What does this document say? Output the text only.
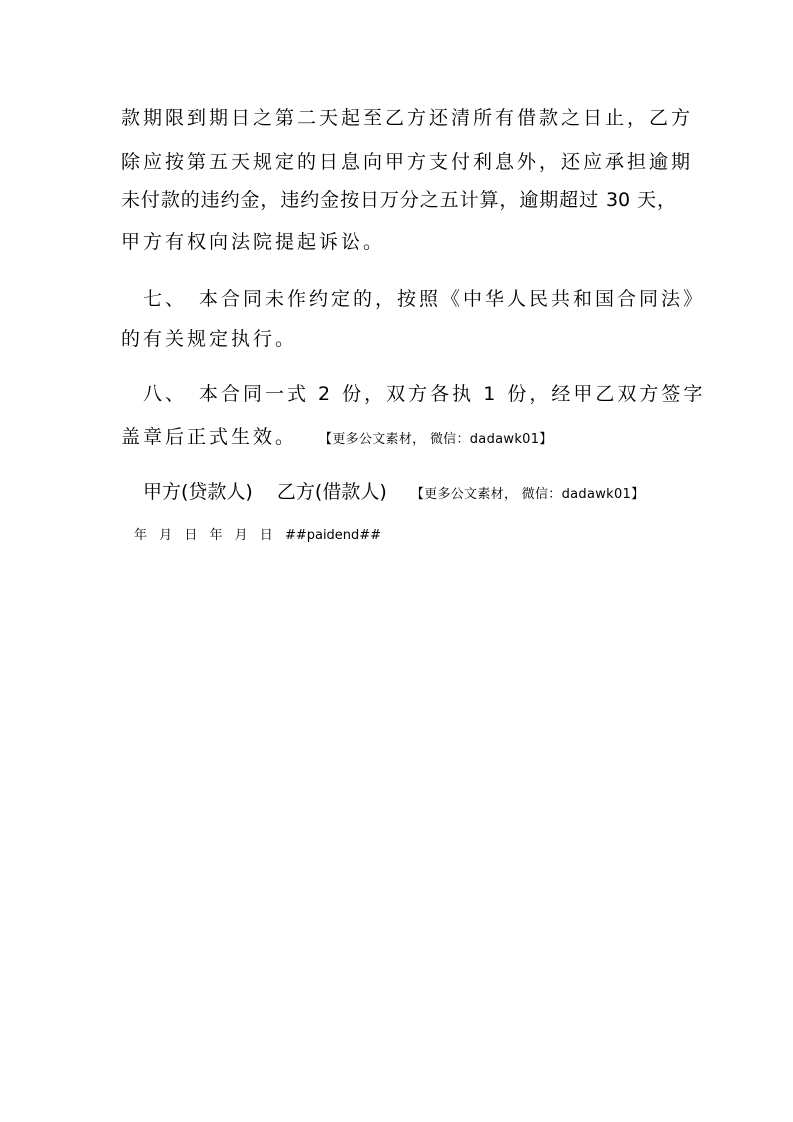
款期限到期日之第二天起至乙方还清所有借款之日止，乙方
除应按第五天规定的日息向甲方支付利息外，还应承担逾期
未付款的违约金，违约金按日万分之五计算，逾期超过 30 天，
甲方有权向法院提起诉讼。
七、 本合同未作约定的，按照《中华人民共和国合同法》
的有关规定执行。
八、 本合同一式 2 份，双方各执 1 份，经甲乙双方签字
盖章后正式生效。 【更多公文素材， 微信：dadawk01】
甲方(贷款人) 乙方(借款人) 【更多公文素材， 微信：dadawk01】
年 月 日 年 月 日 ##paidend##
